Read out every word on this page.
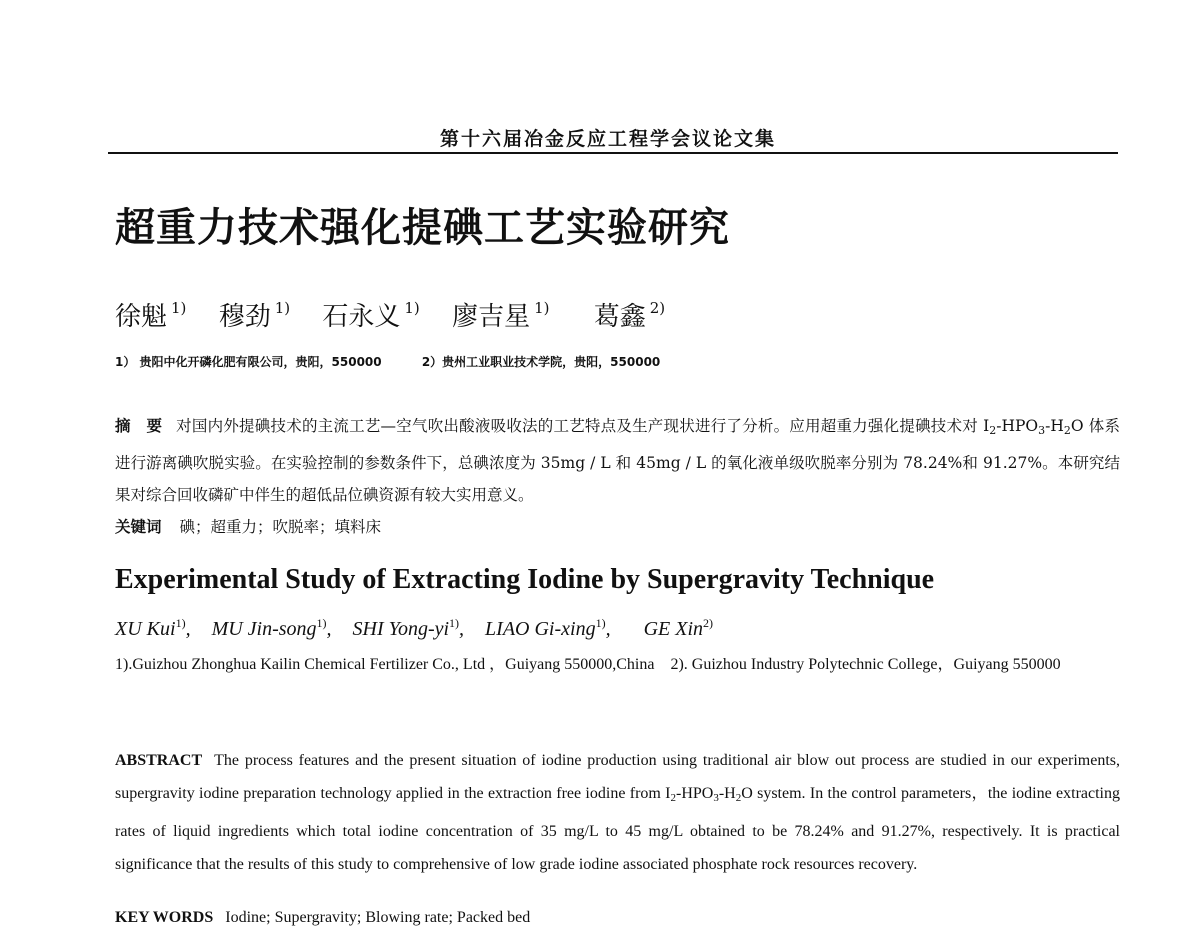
第十六届冶金反应工程学会议论文集
超重力技术强化提碘工艺实验研究
徐魁 $^{1)}$ 穆劲 $^{1)}$ 石永义 $^{1)}$ 廖吉星 $^{1)}$ 葛鑫 $^{2)}$
1） 贵阳中化开磷化肥有限公司，贵阳，550000	2）贵州工业职业技术学院，贵阳，550000
摘　要 对国内外提碘技术的主流工艺—空气吹出酸液吸收法的工艺特点及生产现状进行了分析。应用超重力强化提碘技术对 $I_2-HPO_3-H_2O$ 体系进行游离碘吹脱实验。在实验控制的参数条件下，总碘浓度为 35mg / L 和 45mg / L 的氧化液单级吹脱率分别为 78.24%和 91.27%。本研究结果对综合回收磷矿中伴生的超低品位碘资源有较大实用意义。
关键词 碘；超重力；吹脱率；填料床
Experimental Study of Extracting Iodine by Supergravity Technique
XU Kui$^{1)}$, MU Jin-song$^{1)}$, SHI Yong-$yi^{1)}$, LIAO Gi-xing$^{1)}$, GE Xin$^{2)}$
1).Guizhou Zhonghua Kailin Chemical Fertilizer Co., Ltd ，Guiyang 550000,China 2). Guizhou Industry Polytechnic College，Guiyang 550000
ABSTRACT The process features and the present situation of iodine production using traditional air blow out process are studied in our experiments, supergravity iodine preparation technology applied in the extraction free iodine from $I_2-HPO_3-H_2O$ system. In the control parameters，the iodine extracting rates of liquid ingredients which total iodine concentration of 35 mg/L to 45 mg/L obtained to be 78.24% and 91.27%, respectively. It is practical significance that the results of this study to comprehensive of low grade iodine associated phosphate rock resources recovery.
KEY WORDS Iodine; Supergravity; Blowing rate; Packed bed
